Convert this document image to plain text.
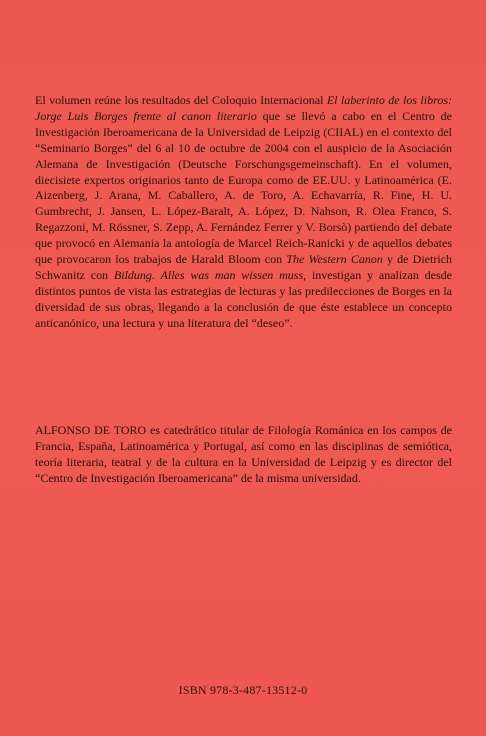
El volumen reúne los resultados del Coloquio Internacional El laberinto de los libros: Jorge Luis Borges frente al canon literario que se llevó a cabo en el Centro de Investigación Iberoamericana de la Universidad de Leipzig (CIIAL) en el contexto del “Seminario Borges” del 6 al 10 de octubre de 2004 con el auspicio de la Asociación Alemana de Investigación (Deutsche Forschungsgemeinschaft). En el volumen, diecisiete expertos originarios tanto de Europa como de EE.UU. y Latinoamérica (E. Aizenberg, J. Arana, M. Caballero, A. de Toro, A. Echavarría, R. Fine, H. U. Gumbrecht, J. Jansen, L. López-Baralt, A. López, D. Nahson, R. Olea Franco, S. Regazzoni, M. Rössner, S. Zepp, A. Fernández Ferrer y V. Borsò) partiendo del debate que provocó en Alemania la antología de Marcel Reich-Ranicki y de aquellos debates que provocaron los trabajos de Harald Bloom con The Western Canon y de Dietrich Schwanitz con Bildung. Alles was man wissen muss, investigan y analizan desde distintos puntos de vista las estrategias de lecturas y las predilecciones de Borges en la diversidad de sus obras, llegando a la conclusión de que éste establece un concepto anticanónico, una lectura y una literatura del “deseo”.

ALFONSO DE TORO es catedrático titular de Filología Románica en los campos de Francia, España, Latinoamérica y Portugal, así como en las disciplinas de semiótica, teoría literaria, teatral y de la cultura en la Universidad de Leipzig y es director del “Centro de Investigación Iberoamericana” de la misma universidad.

ISBN 978-3-487-13512-0
